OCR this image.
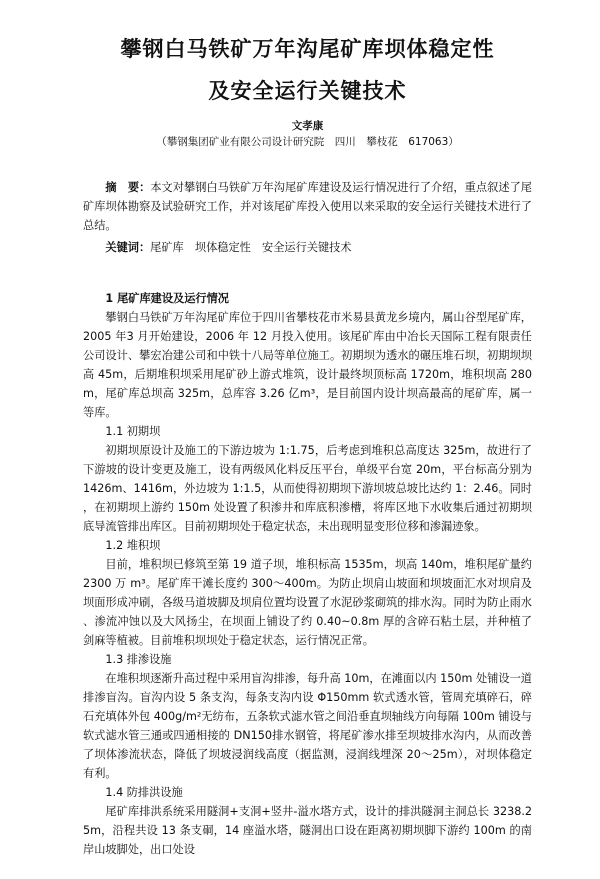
攀钢白马铁矿万年沟尾矿库坝体稳定性
及安全运行关键技术
文孝康
（攀钢集团矿业有限公司设计研究院　四川　攀枝花　617063）
摘　要：本文对攀钢白马铁矿万年沟尾矿库建设及运行情况进行了介绍，重点叙述了尾矿库坝体勘察及试验研究工作，并对该尾矿库投入使用以来采取的安全运行关键技术进行了总结。
关键词：尾矿库　坝体稳定性　安全运行关键技术
1 尾矿库建设及运行情况
攀钢白马铁矿万年沟尾矿库位于四川省攀枝花市米易县黄龙乡境内，属山谷型尾矿库，2005 年3 月开始建设，2006 年 12 月投入使用。该尾矿库由中冶长天国际工程有限责任公司设计、攀宏冶建公司和中铁十八局等单位施工。初期坝为透水的碾压堆石坝，初期坝坝高 45m，后期堆积坝采用尾矿砂上游式堆筑，设计最终坝顶标高 1720m，堆积坝高 280m，尾矿库总坝高 325m，总库容 3.26 亿m³，是目前国内设计坝高最高的尾矿库，属一等库。
1.1 初期坝
初期坝原设计及施工的下游边坡为 1:1.75，后考虑到堆积总高度达 325m，故进行了下游坡的设计变更及施工，设有两级风化料反压平台，单级平台宽 20m，平台标高分别为 1426m、1416m，外边坡为 1:1.5，从而使得初期坝下游坝坡总坡比达约 1：2.46。同时，在初期坝上游约 150m 处设置了积渗井和库底积渗槽，将库区地下水收集后通过初期坝底导流管排出库区。目前初期坝处于稳定状态，未出现明显变形位移和渗漏迹象。
1.2 堆积坝
目前，堆积坝已修筑至第 19 道子坝，堆积标高 1535m，坝高 140m，堆积尾矿量约 2300 万 m³。尾矿库干滩长度约 300～400m。为防止坝肩山坡面和坝坡面汇水对坝肩及坝面形成冲刷，各级马道坡脚及坝肩位置均设置了水泥砂浆砌筑的排水沟。同时为防止雨水、渗流冲蚀以及大风扬尘，在坝面上铺设了约 0.40~0.8m 厚的含碎石粘土层，并种植了剑麻等植被。目前堆积坝坝处于稳定状态，运行情况正常。
1.3 排渗设施
在堆积坝逐渐升高过程中采用盲沟排渗，每升高 10m，在滩面以内 150m 处铺设一道排渗盲沟。盲沟内设 5 条支沟，每条支沟内设 Φ150mm 软式透水管，管周充填碎石，碎石充填体外包 400g/m²无纺布，五条软式滤水管之间沿垂直坝轴线方向每隔 100m 铺设与软式滤水管三通或四通相接的 DN150排水钢管，将尾矿渗水排至坝坡排水沟内，从而改善了坝体渗流状态，降低了坝坡浸润线高度（据监测，浸润线埋深 20～25m），对坝体稳定有利。
1.4 防排洪设施
尾矿库排洪系统采用隧洞+支洞+竖井-溢水塔方式，设计的排洪隧洞主洞总长 3238.25m，沿程共设 13 条支硐，14 座溢水塔，隧洞出口设在距离初期坝脚下游约 100m 的南岸山坡脚处，出口处设
